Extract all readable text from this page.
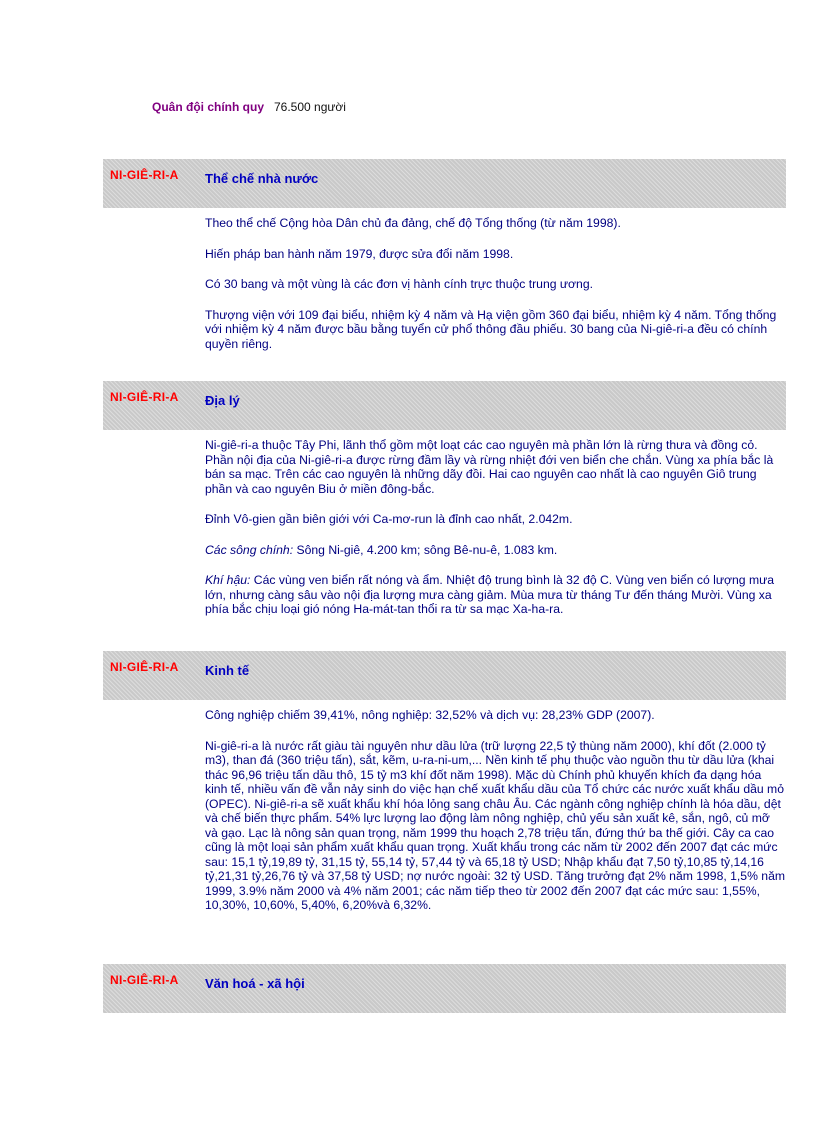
Quân đội chính quy 76.500 người
NI-GIÊ-RI-A	Thể chế nhà nước

Theo thể chế Cộng hòa Dân chủ đa đảng, chế độ Tổng thống (từ năm 1998).

Hiến pháp ban hành năm 1979, được sửa đổi năm 1998.

Có 30 bang và một vùng là các đơn vị hành cính trực thuộc trung ương.

Thượng viện với 109 đại biểu, nhiệm kỳ 4 năm và Hạ viện gồm 360 đại biểu, nhiệm kỳ 4 năm. Tổng thống với nhiệm kỳ 4 năm được bầu bằng tuyển cử phổ thông đầu phiếu. 30 bang của Ni-giê-ri-a đều có chính quyền riêng.

NI-GIÊ-RI-A	Địa lý

Ni-giê-ri-a thuộc Tây Phi, lãnh thổ gồm một loạt các cao nguyên mà phần lớn là rừng thưa và đồng cỏ. Phần nội địa của Ni-giê-ri-a được rừng đầm lầy và rừng nhiệt đới ven biển che chắn. Vùng xa phía bắc là bán sa mạc. Trên các cao nguyên là những dãy đồi. Hai cao nguyên cao nhất là cao nguyên Giô trung phần và cao nguyên Biu ở miền đông-bắc.

Đỉnh Vô-gien gần biên giới với Ca-mơ-run là đỉnh cao nhất, 2.042m.

Các sông chính: Sông Ni-giê, 4.200 km; sông Bê-nu-ê, 1.083 km.

Khí hậu: Các vùng ven biển rất nóng và ẩm. Nhiệt độ trung bình là 32 độ C. Vùng ven biển có lượng mưa lớn, nhưng càng sâu vào nội địa lượng mưa càng giảm. Mùa mưa từ tháng Tư đến tháng Mười. Vùng xa phía bắc chịu loại gió nóng Ha-mát-tan thổi ra từ sa mạc Xa-ha-ra.

NI-GIÊ-RI-A	Kinh tế

Công nghiệp chiếm 39,41%, nông nghiệp: 32,52% và dịch vụ: 28,23% GDP (2007).

Ni-giê-ri-a là nước rất giàu tài nguyên như dầu lửa (trữ lượng 22,5 tỷ thùng năm 2000), khí đốt (2.000 tỷ m3), than đá (360 triệu tấn), sắt, kẽm, u-ra-ni-um,... Nền kinh tế phụ thuộc vào nguồn thu từ dầu lửa (khai thác 96,96 triệu tấn dầu thô, 15 tỷ m3 khí đốt năm 1998). Mặc dù Chính phủ khuyến khích đa dạng hóa kinh tế, nhiều vấn đề vẫn nảy sinh do việc hạn chế xuất khẩu dầu của Tổ chức các nước xuất khẩu dầu mỏ (OPEC). Ni-giê-ri-a sẽ xuất khẩu khí hóa lỏng sang châu Âu. Các ngành công nghiệp chính là hóa dầu, dệt và chế biến thực phẩm. 54% lực lượng lao động làm nông nghiệp, chủ yếu sản xuất kê, sắn, ngô, củ mỡ và gạo. Lạc là nông sản quan trọng, năm 1999 thu hoạch 2,78 triệu tấn, đứng thứ ba thế giới. Cây ca cao cũng là một loại sản phẩm xuất khẩu quan trọng. Xuất khẩu trong các năm từ 2002 đến 2007 đạt các mức sau: 15,1 tỷ,19,89 tỷ, 31,15 tỷ, 55,14 tỷ, 57,44 tỷ và 65,18 tỷ USD; Nhập khẩu đạt 7,50 tỷ,10,85 tỷ,14,16 tỷ,21,31 tỷ,26,76 tỷ và 37,58 tỷ USD; nợ nước ngoài: 32 tỷ USD. Tăng trưởng đạt 2% năm 1998, 1,5% năm 1999, 3.9% năm 2000 và 4% năm 2001; các năm tiếp theo từ 2002 đến 2007 đạt các mức sau: 1,55%, 10,30%, 10,60%, 5,40%, 6,20%và 6,32%.

NI-GIÊ-RI-A	Văn hoá - xã hội
